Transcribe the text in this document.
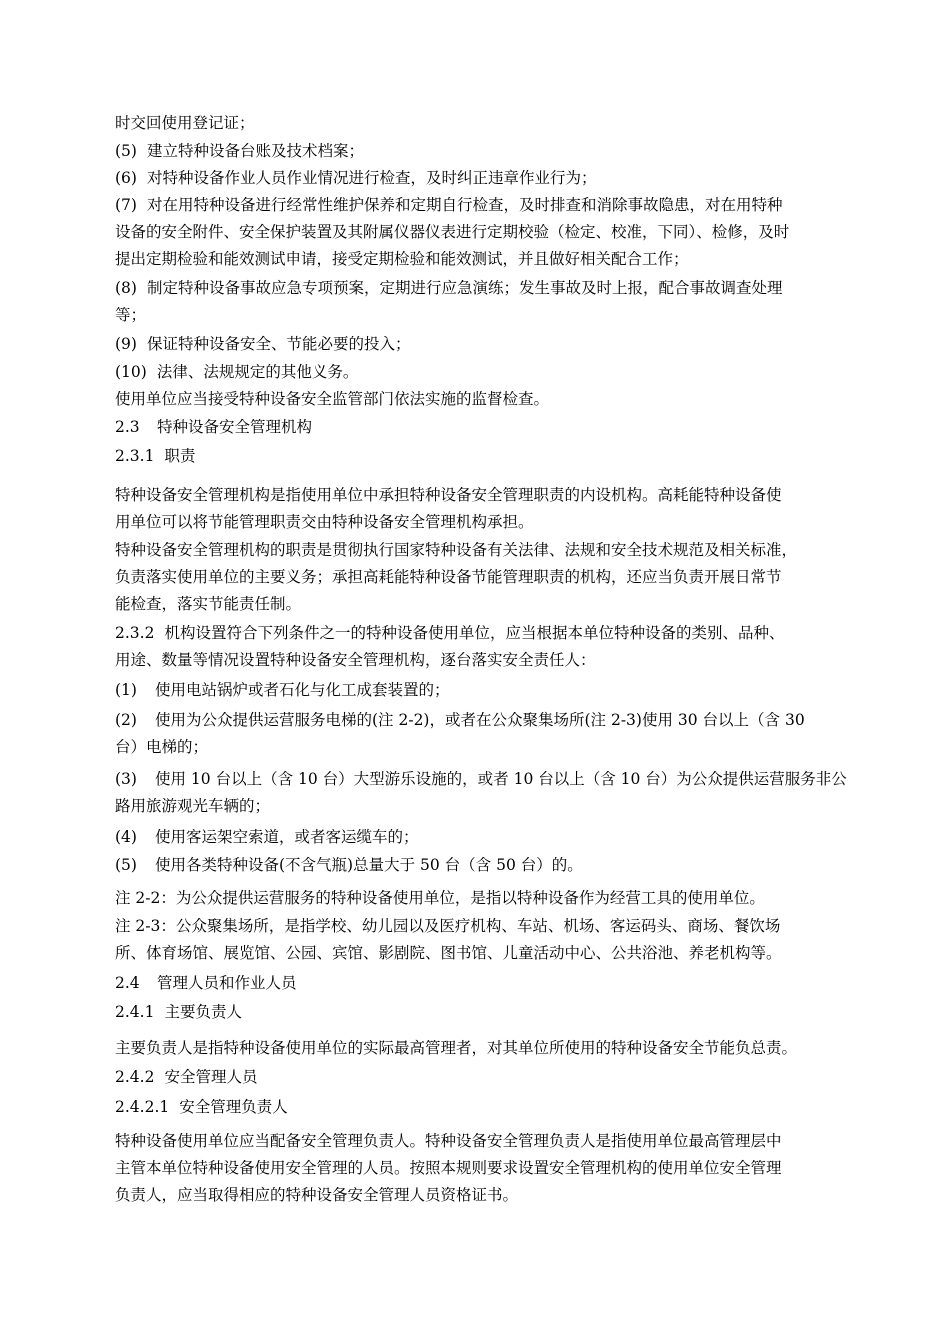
时交回使用登记证；
(5) 建立特种设备台账及技术档案；
(6) 对特种设备作业人员作业情况进行检查，及时纠正违章作业行为；
(7) 对在用特种设备进行经常性维护保养和定期自行检查，及时排查和消除事故隐患，对在用特种
设备的安全附件、安全保护装置及其附属仪器仪表进行定期校验（检定、校准，下同）、检修，及时
提出定期检验和能效测试申请，接受定期检验和能效测试，并且做好相关配合工作；
(8) 制定特种设备事故应急专项预案，定期进行应急演练；发生事故及时上报，配合事故调查处理
等；
(9) 保证特种设备安全、节能必要的投入；
(10) 法律、法规规定的其他义务。
使用单位应当接受特种设备安全监管部门依法实施的监督检查。
2.3 特种设备安全管理机构
2.3.1 职责
特种设备安全管理机构是指使用单位中承担特种设备安全管理职责的内设机构。高耗能特种设备使
用单位可以将节能管理职责交由特种设备安全管理机构承担。
特种设备安全管理机构的职责是贯彻执行国家特种设备有关法律、法规和安全技术规范及相关标准，
负责落实使用单位的主要义务；承担高耗能特种设备节能管理职责的机构，还应当负责开展日常节
能检查，落实节能责任制。
2.3.2 机构设置符合下列条件之一的特种设备使用单位，应当根据本单位特种设备的类别、品种、
用途、数量等情况设置特种设备安全管理机构，逐台落实安全责任人：
(1) 使用电站锅炉或者石化与化工成套装置的；
(2) 使用为公众提供运营服务电梯的(注 2-2)，或者在公众聚集场所(注 2-3)使用 30 台以上（含 30
台）电梯的；
(3) 使用 10 台以上（含 10 台）大型游乐设施的，或者 10 台以上（含 10 台）为公众提供运营服务非公
路用旅游观光车辆的；
(4) 使用客运架空索道，或者客运缆车的；
(5) 使用各类特种设备(不含气瓶)总量大于 50 台（含 50 台）的。
注 2-2：为公众提供运营服务的特种设备使用单位，是指以特种设备作为经营工具的使用单位。
注 2-3：公众聚集场所，是指学校、幼儿园以及医疗机构、车站、机场、客运码头、商场、餐饮场
所、体育场馆、展览馆、公园、宾馆、影剧院、图书馆、儿童活动中心、公共浴池、养老机构等。
2.4 管理人员和作业人员
2.4.1 主要负责人
主要负责人是指特种设备使用单位的实际最高管理者，对其单位所使用的特种设备安全节能负总责。
2.4.2 安全管理人员
2.4.2.1 安全管理负责人
特种设备使用单位应当配备安全管理负责人。特种设备安全管理负责人是指使用单位最高管理层中
主管本单位特种设备使用安全管理的人员。按照本规则要求设置安全管理机构的使用单位安全管理
负责人，应当取得相应的特种设备安全管理人员资格证书。
